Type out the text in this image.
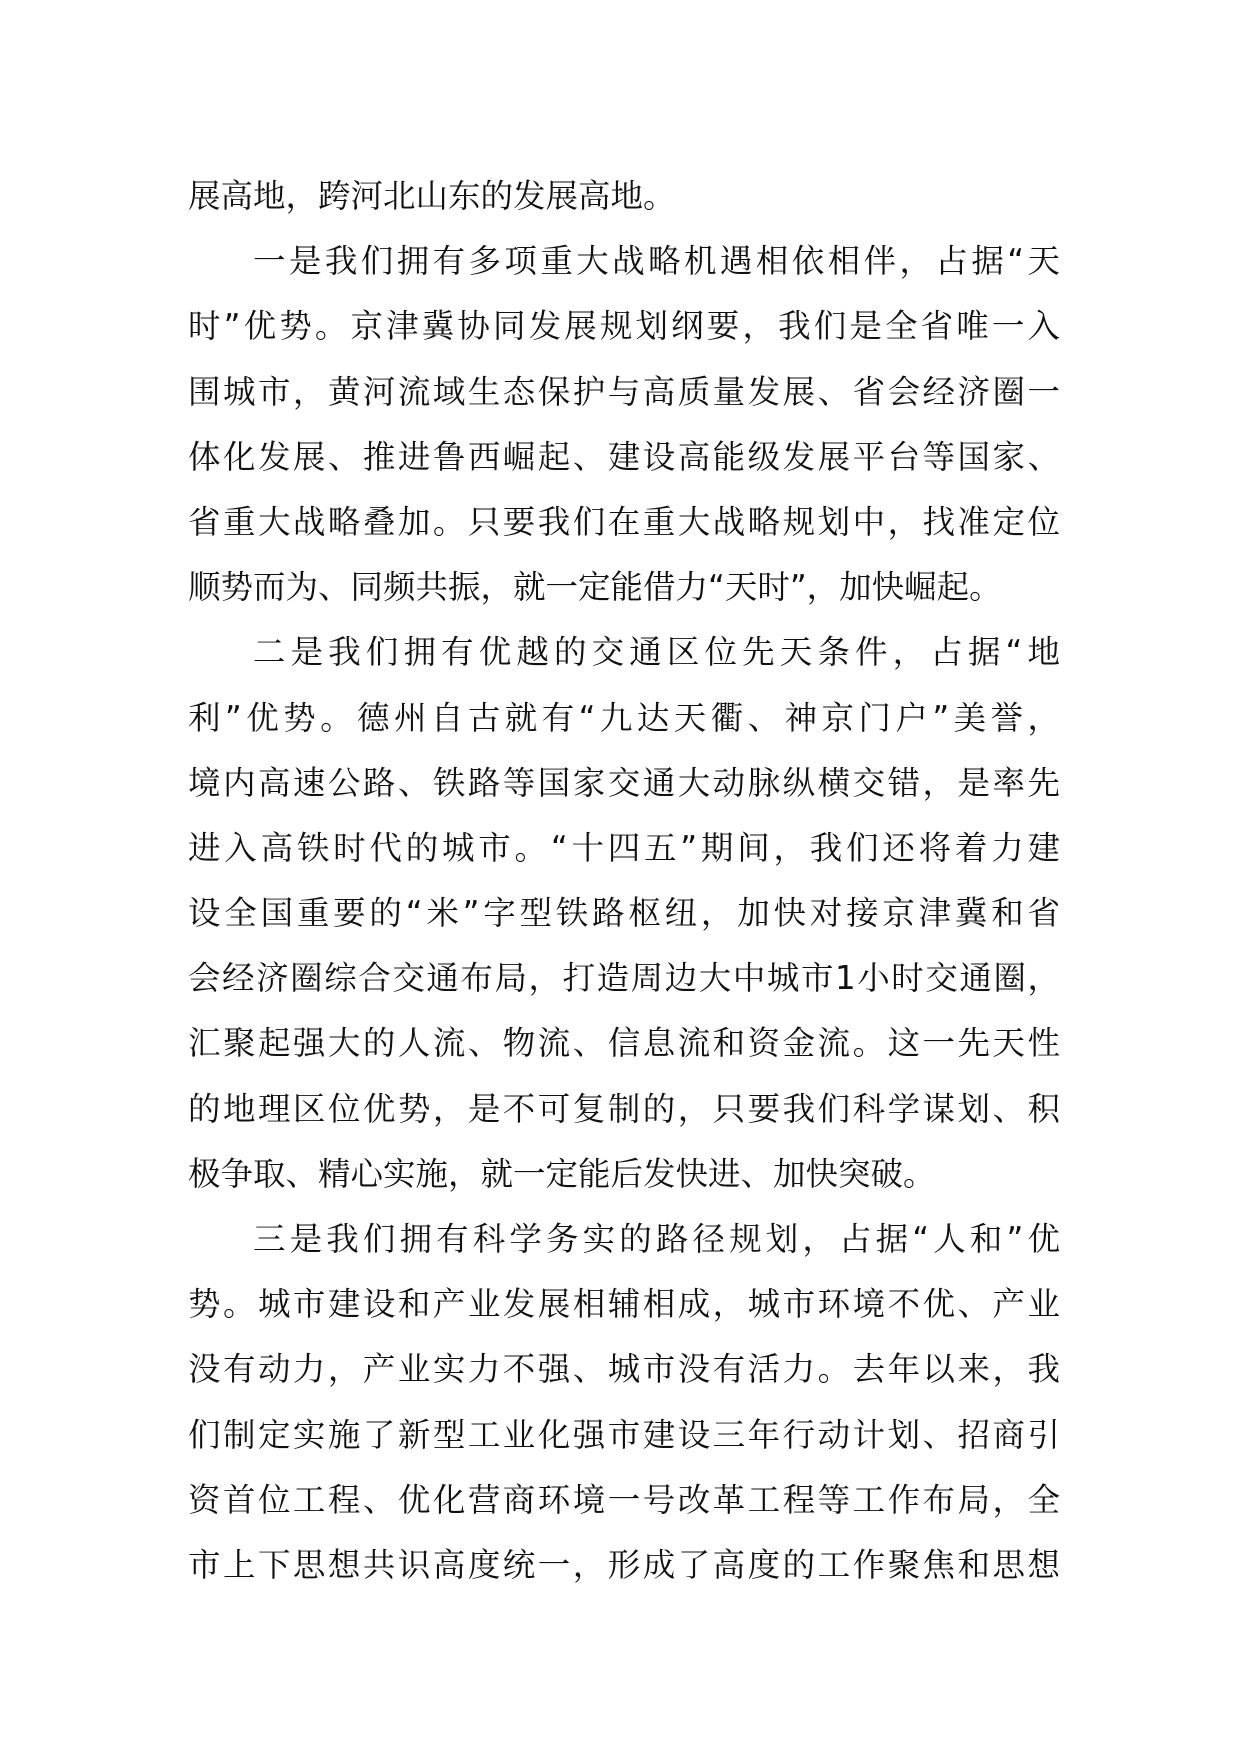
展高地，跨河北山东的发展高地。
一是我们拥有多项重大战略机遇相依相伴，占据“天
时”优势。京津冀协同发展规划纲要，我们是全省唯一入
围城市，黄河流域生态保护与高质量发展、省会经济圈一
体化发展、推进鲁西崛起、建设高能级发展平台等国家、
省重大战略叠加。只要我们在重大战略规划中，找准定位
顺势而为、同频共振，就一定能借力“天时”，加快崛起。
二是我们拥有优越的交通区位先天条件，占据“地
利”优势。德州自古就有“九达天衢、神京门户”美誉，
境内高速公路、铁路等国家交通大动脉纵横交错，是率先
进入高铁时代的城市。“十四五”期间，我们还将着力建
设全国重要的“米”字型铁路枢纽，加快对接京津冀和省
会经济圈综合交通布局，打造周边大中城市1小时交通圈，
汇聚起强大的人流、物流、信息流和资金流。这一先天性
的地理区位优势，是不可复制的，只要我们科学谋划、积
极争取、精心实施，就一定能后发快进、加快突破。
三是我们拥有科学务实的路径规划，占据“人和”优
势。城市建设和产业发展相辅相成，城市环境不优、产业
没有动力，产业实力不强、城市没有活力。去年以来，我
们制定实施了新型工业化强市建设三年行动计划、招商引
资首位工程、优化营商环境一号改革工程等工作布局，全
市上下思想共识高度统一，形成了高度的工作聚焦和思想
